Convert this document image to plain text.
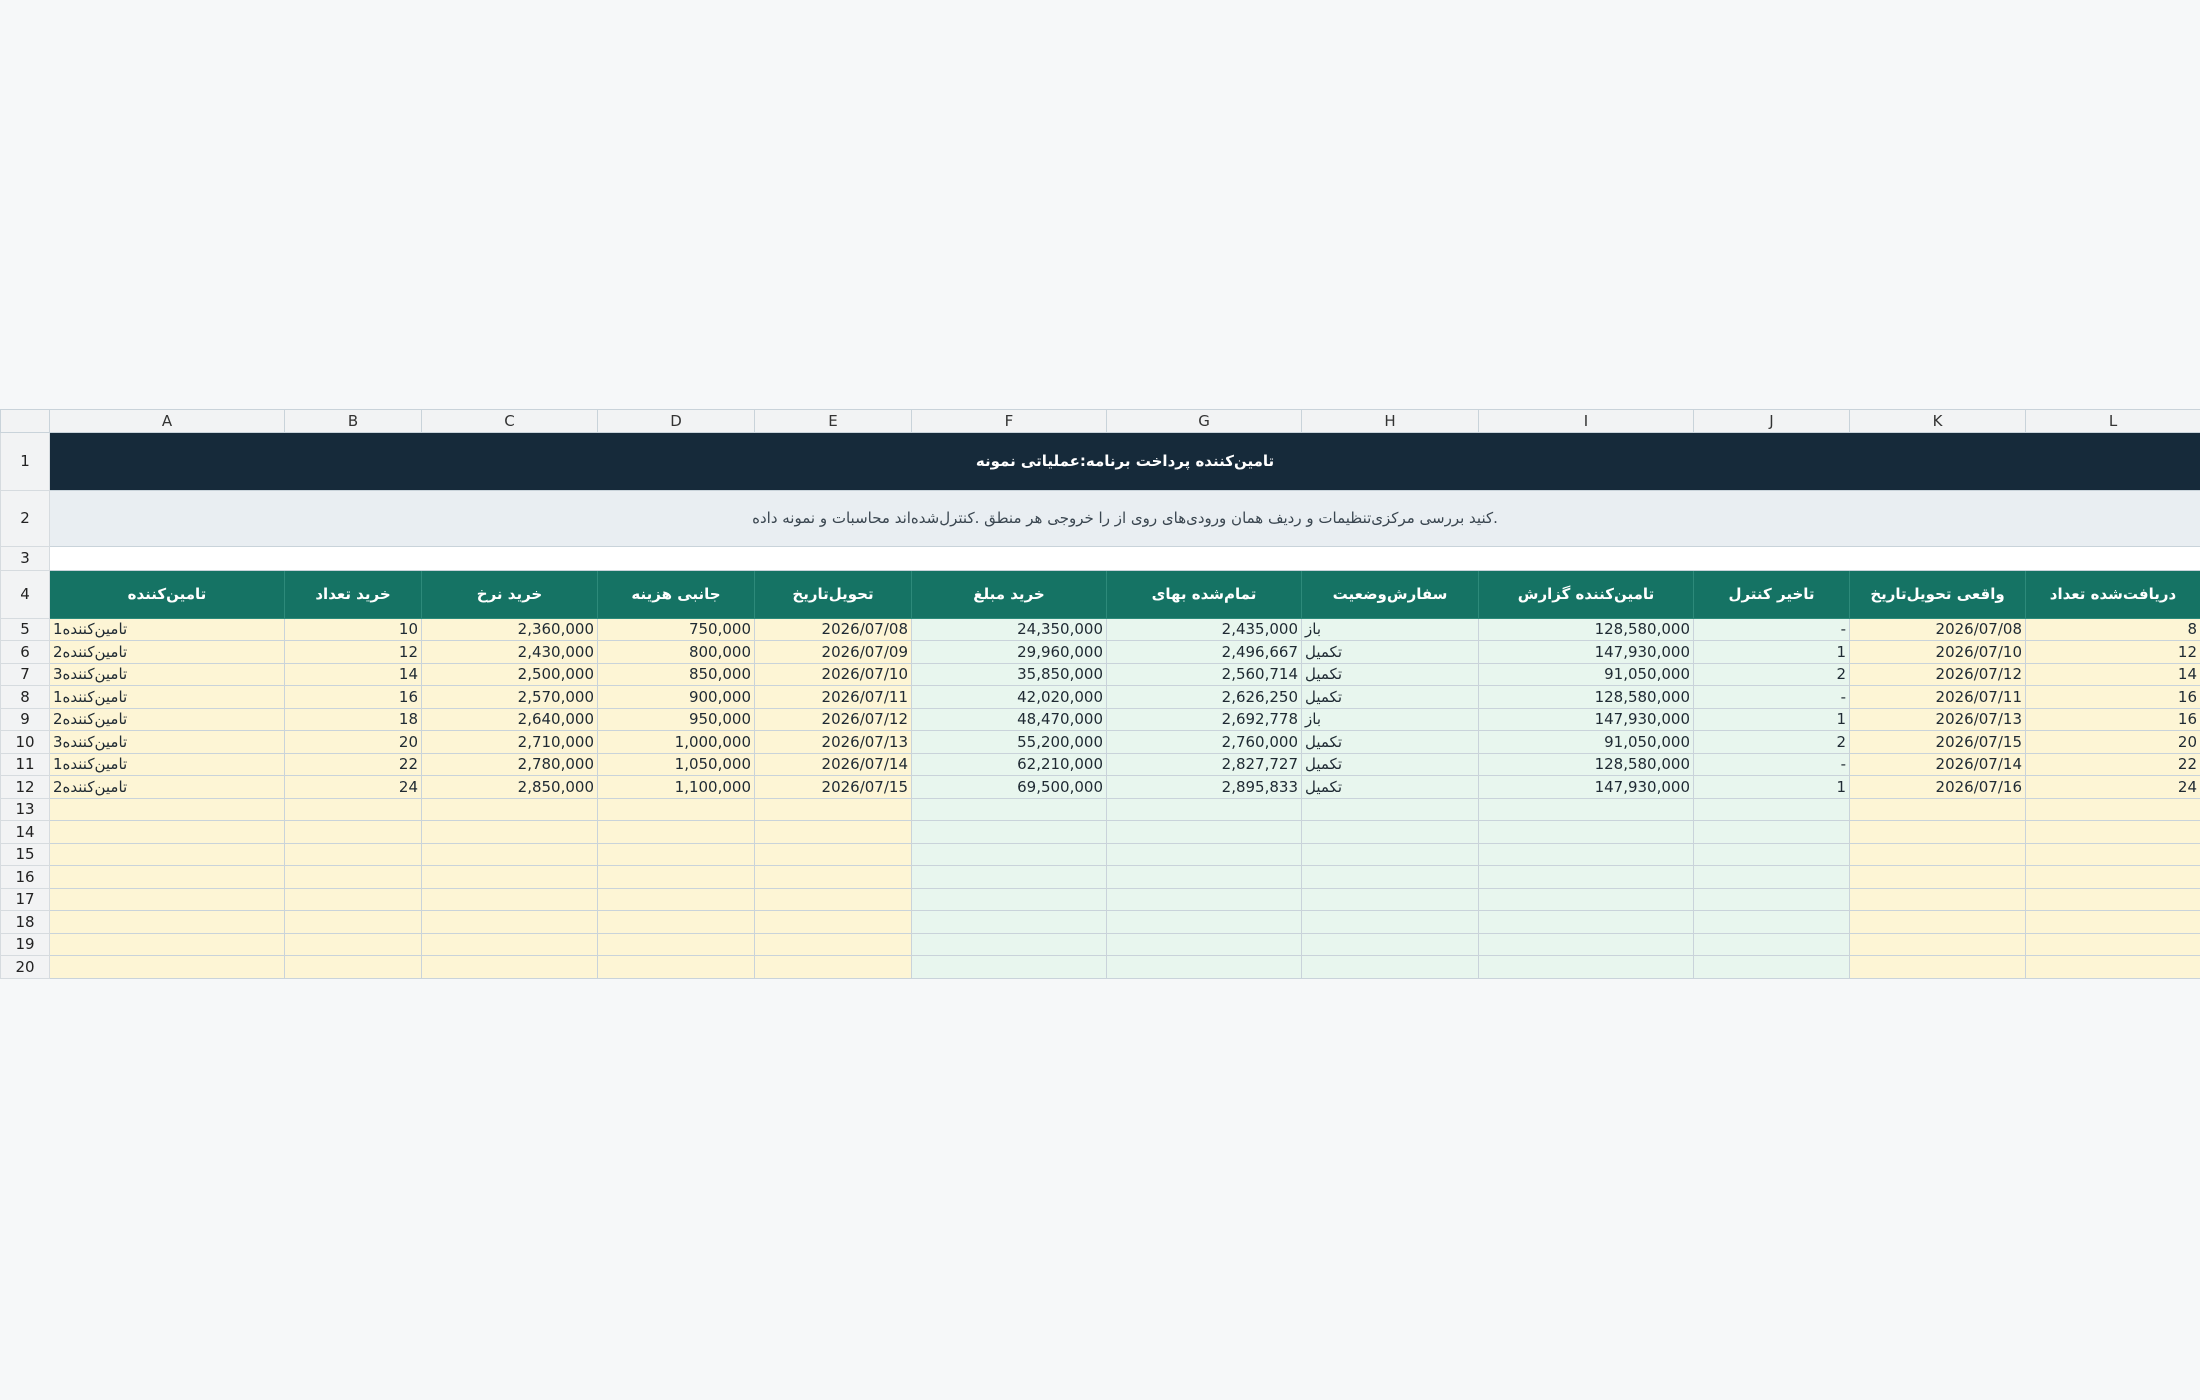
	A	B	C	D	E	F	G	H	I	J	K	L
1	تامین‌کننده پرداخت برنامه:عملیاتی نمونه											
2	.کنید بررسی مرکزی‌تنظیمات و ردیف همان ورودی‌های روی از را خروجی هر منطق .کنترل‌شده‌اند محاسبات و نمونه داده											
3												
4	تامین‌کننده	خرید تعداد	خرید نرخ	جانبی هزینه	تحویل‌تاریخ	خرید مبلغ	تمام‌شده بهای	سفارش‌وضعیت	تامین‌کننده گزارش	تاخیر کنترل	واقعی تحویل‌تاریخ	دریافت‌شده تعداد
5	1تامین‌کننده	10	2,360,000	750,000	2026/07/08	24,350,000	2,435,000	باز	128,580,000	-	2026/07/08	8
6	2تامین‌کننده	12	2,430,000	800,000	2026/07/09	29,960,000	2,496,667	تکمیل	147,930,000	1	2026/07/10	12
7	3تامین‌کننده	14	2,500,000	850,000	2026/07/10	35,850,000	2,560,714	تکمیل	91,050,000	2	2026/07/12	14
8	1تامین‌کننده	16	2,570,000	900,000	2026/07/11	42,020,000	2,626,250	تکمیل	128,580,000	-	2026/07/11	16
9	2تامین‌کننده	18	2,640,000	950,000	2026/07/12	48,470,000	2,692,778	باز	147,930,000	1	2026/07/13	16
10	3تامین‌کننده	20	2,710,000	1,000,000	2026/07/13	55,200,000	2,760,000	تکمیل	91,050,000	2	2026/07/15	20
11	1تامین‌کننده	22	2,780,000	1,050,000	2026/07/14	62,210,000	2,827,727	تکمیل	128,580,000	-	2026/07/14	22
12	2تامین‌کننده	24	2,850,000	1,100,000	2026/07/15	69,500,000	2,895,833	تکمیل	147,930,000	1	2026/07/16	24
13												
14												
15												
16												
17												
18												
19												
20												
